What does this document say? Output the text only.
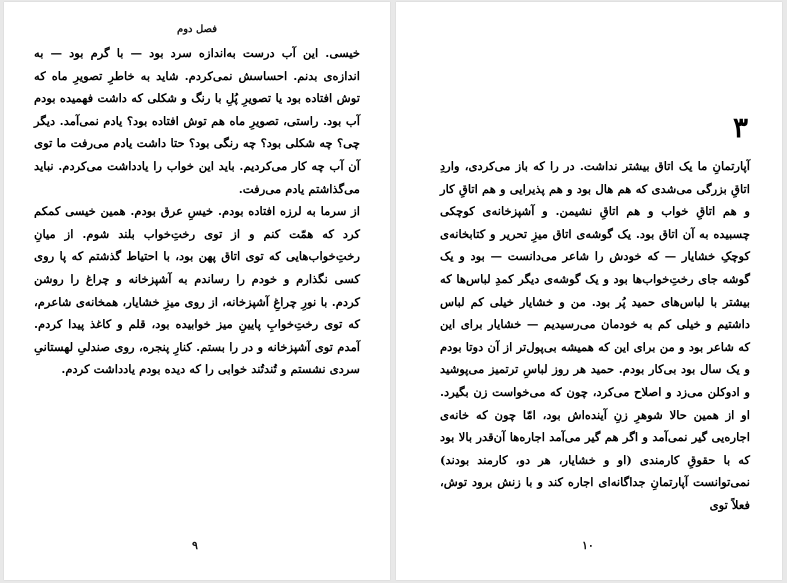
فصل دوم

خیسی. این آب درست به‌اندازه سرد بود — با گرم بود — به اندازه‌ی بدنم. احساسش نمی‌کردم. شاید به خاطرِ تصویرِ ماه که توش افتاده بود یا تصویرِ پُلِ با رنگ و شکلی که داشت فهمیده بودم آب بود. راستی، تصویرِ ماه هم توش افتاده بود؟ یادم نمی‌آمد. دیگر چی؟ چه شکلی بود؟ چه رنگی بود؟ حتا داشت یادم می‌رفت ما توی آن آب چه کار می‌کردیم. باید این خواب را یادداشت می‌کردم. نباید می‌گذاشتم یادم می‌رفت.

از سرما به لرزه افتاده بودم. خیسِ عرق بودم. همین خیسی کمکم کرد که همّت کنم و از توی رختِ‌خواب بلند شوم. از میانِ رختِ‌خواب‌هایی که توی اتاق پهن بود، با احتیاط گذشتم که پا روی کسی نگذارم و خودم را رساندم به آشپزخانه و چراغ را روشن کردم. با نورِ چراغِ آشپزخانه، از روی میزِ خشایار، همخانه‌ی شاعرم، که توی رختِ‌خوابِ پایینِ میز خوابیده بود، قلم و کاغذ پیدا کردم. آمدم توی آشپزخانه و در را بستم. کنارِ پنجره، روی صندلیِ لهستانیِ سردی نشستم و تُندتُند خوابی را که دیده بودم یادداشت کردم.

۹
۳

آپارتمانِ ما یک اتاق بیشتر نداشت. در را که باز می‌کردی، واردِ اتاقِ بزرگی می‌شدی که هم هال بود و هم پذیرایی و هم اتاقِ کار و هم اتاقِ خواب و هم اتاقِ نشیمن. و آشپزخانه‌ی کوچکی چسبیده به آن اتاق بود. یک گوشه‌ی اتاق میزِ تحریر و کتابخانه‌ی کوچکِ خشایار — که خودش را شاعر می‌دانست — بود و یک گوشه جای رختِ‌خواب‌ها بود و یک گوشه‌ی دیگر کمدِ لباس‌ها که بیشتر با لباس‌های حمید پُر بود. من و خشایار خیلی کم لباس داشتیم و خیلی کم به خودمان می‌رسیدیم — خشایار برای این که شاعر بود و من برای این که همیشه بی‌پول‌تر از آن دوتا بودم و یک سال بود بی‌کار بودم. حمید هر روز لباسِ ترتمیز می‌پوشید و ادوکلن می‌زد و اصلاح می‌کرد، چون که می‌خواست زن بگیرد. او از همین حالا شوهرِ زنِ آینده‌اش بود، امّا چون که خانه‌ی اجاره‌یی گیر نمی‌آمد و اگر هم گیر می‌آمد اجاره‌ها آن‌قدر بالا بود که با حقوقِ کارمندی (او و خشایار، هر دو، کارمند بودند) نمی‌توانست آپارتمانِ جداگانه‌ای اجاره کند و با زنش برود توش، فعلاً توی

۱۰
